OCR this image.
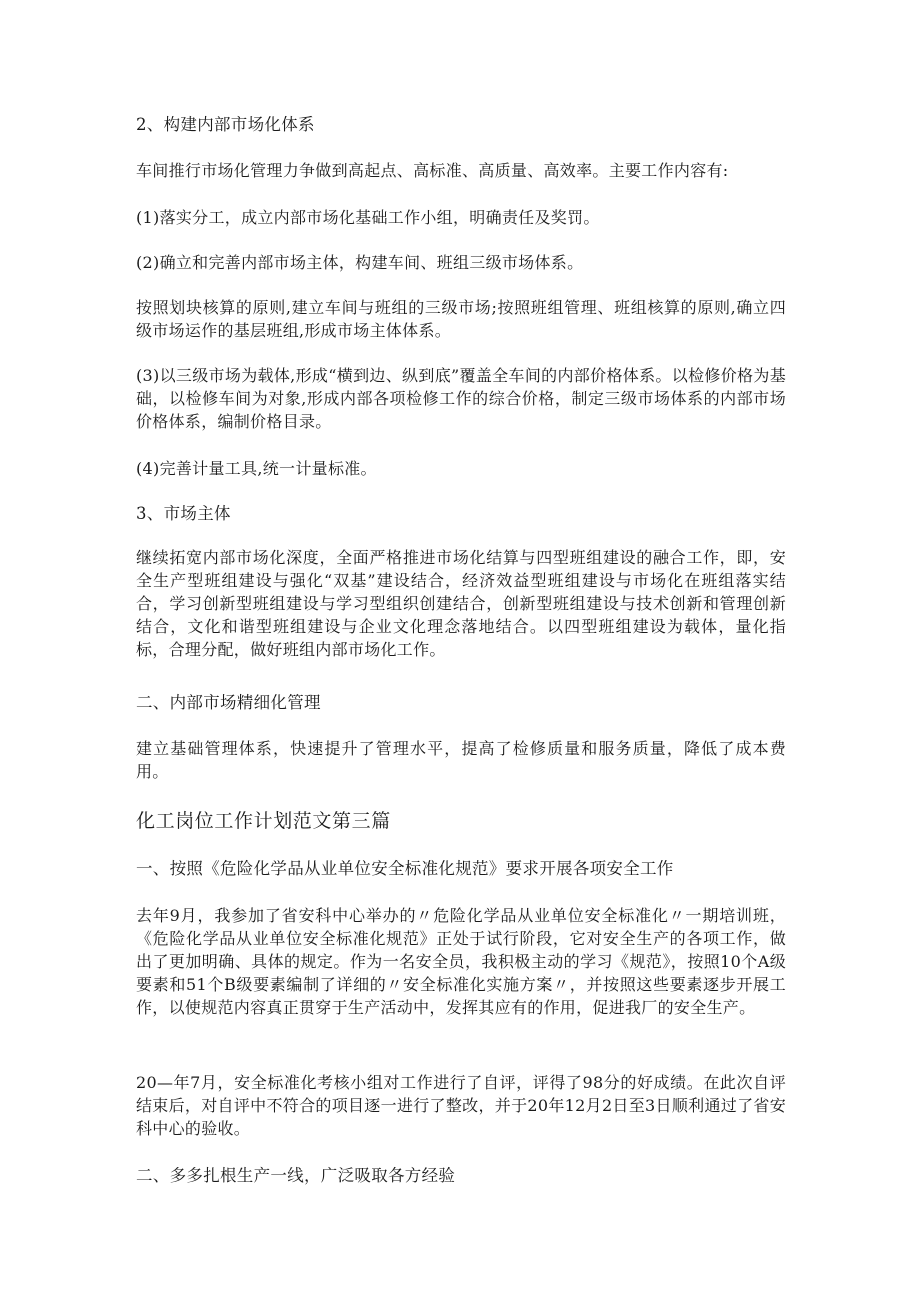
2、构建内部市场化体系

车间推行市场化管理力争做到高起点、高标准、高质量、高效率。主要工作内容有:

(1)落实分工，成立内部市场化基础工作小组，明确责任及奖罚。

(2)确立和完善内部市场主体，构建车间、班组三级市场体系。

按照划块核算的原则,建立车间与班组的三级市场;按照班组管理、班组核算的原则,确立四级市场运作的基层班组,形成市场主体体系。

(3)以三级市场为载体,形成“横到边、纵到底”覆盖全车间的内部价格体系。以检修价格为基础，以检修车间为对象,形成内部各项检修工作的综合价格，制定三级市场体系的内部市场价格体系，编制价格目录。

(4)完善计量工具,统一计量标准。

3、市场主体

继续拓宽内部市场化深度，全面严格推进市场化结算与四型班组建设的融合工作，即，安全生产型班组建设与强化“双基”建设结合，经济效益型班组建设与市场化在班组落实结合，学习创新型班组建设与学习型组织创建结合，创新型班组建设与技术创新和管理创新结合，文化和谐型班组建设与企业文化理念落地结合。以四型班组建设为载体，量化指标，合理分配，做好班组内部市场化工作。

二、内部市场精细化管理

建立基础管理体系，快速提升了管理水平，提高了检修质量和服务质量，降低了成本费用。

化工岗位工作计划范文第三篇

一、按照《危险化学品从业单位安全标准化规范》要求开展各项安全工作

去年9月，我参加了省安科中心举办的〃危险化学品从业单位安全标准化〃一期培训班，《危险化学品从业单位安全标准化规范》正处于试行阶段，它对安全生产的各项工作，做出了更加明确、具体的规定。作为一名安全员，我积极主动的学习《规范》，按照10个A级要素和51个B级要素编制了详细的〃安全标准化实施方案〃，并按照这些要素逐步开展工作，以使规范内容真正贯穿于生产活动中，发挥其应有的作用，促进我厂的安全生产。

20—年7月，安全标准化考核小组对工作进行了自评，评得了98分的好成绩。在此次自评结束后，对自评中不符合的项目逐一进行了整改，并于20年12月2日至3日顺利通过了省安科中心的验收。

二、多多扎根生产一线，广泛吸取各方经验
